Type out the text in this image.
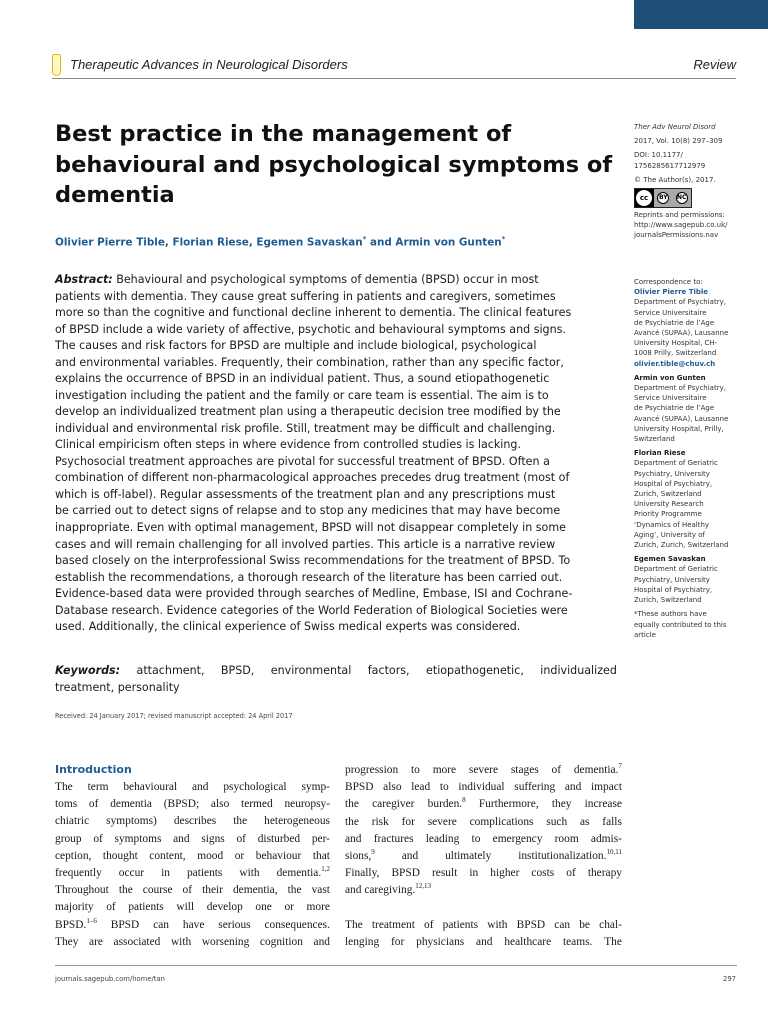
Therapeutic Advances in Neurological Disorders	Review
Best practice in the management of
behavioural and psychological symptoms of
dementia
Olivier Pierre Tible, Florian Riese, Egemen Savaskan* and Armin von Gunten*
Abstract: Behavioural and psychological symptoms of dementia (BPSD) occur in most
patients with dementia. They cause great suffering in patients and caregivers, sometimes
more so than the cognitive and functional decline inherent to dementia. The clinical features
of BPSD include a wide variety of affective, psychotic and behavioural symptoms and signs.
The causes and risk factors for BPSD are multiple and include biological, psychological
and environmental variables. Frequently, their combination, rather than any specific factor,
explains the occurrence of BPSD in an individual patient. Thus, a sound etiopathogenetic
investigation including the patient and the family or care team is essential. The aim is to
develop an individualized treatment plan using a therapeutic decision tree modified by the
individual and environmental risk profile. Still, treatment may be difficult and challenging.
Clinical empiricism often steps in where evidence from controlled studies is lacking.
Psychosocial treatment approaches are pivotal for successful treatment of BPSD. Often a
combination of different non-pharmacological approaches precedes drug treatment (most of
which is off-label). Regular assessments of the treatment plan and any prescriptions must
be carried out to detect signs of relapse and to stop any medicines that may have become
inappropriate. Even with optimal management, BPSD will not disappear completely in some
cases and will remain challenging for all involved parties. This article is a narrative review
based closely on the interprofessional Swiss recommendations for the treatment of BPSD. To
establish the recommendations, a thorough research of the literature has been carried out.
Evidence-based data were provided through searches of Medline, Embase, ISI and Cochrane-
Database research. Evidence categories of the World Federation of Biological Societies were
used. Additionally, the clinical experience of Swiss medical experts was considered.
Keywords: attachment, BPSD, environmental factors, etiopathogenetic, individualized
treatment, personality
Received: 24 January 2017; revised manuscript accepted: 24 April 2017
Introduction
The term behavioural and psychological symp-
toms of dementia (BPSD; also termed neuropsy-
chiatric symptoms) describes the heterogeneous
group of symptoms and signs of disturbed per-
ception, thought content, mood or behaviour that
frequently occur in patients with dementia.$^{1,2}$
Throughout the course of their dementia, the vast
majority of patients will develop one or more
BPSD.$^{1-6}$ BPSD can have serious consequences.
They are associated with worsening cognition and
progression to more severe stages of dementia.$^7$
BPSD also lead to individual suffering and impact
the caregiver burden.$^8$ Furthermore, they increase
the risk for severe complications such as falls
and fractures leading to emergency room admis-
sions,$^9$ and ultimately institutionalization.$^{10,11}$
Finally, BPSD result in higher costs of therapy
and
caregiving.$^{12,13}$
The treatment of patients with BPSD can be chal-
lenging for physicians and healthcare teams. The
Ther Adv Neurol Disord
2017, Vol. 10(8) 297–309
DOI: 10.1177/
1756285617712979
© The Author(s), 2017.
cc	BY NC
Reprints and permissions:
http://www.sagepub.co.uk/
journalsPermissions.nav
Correspondence to:
Olivier Pierre Tible
Department of Psychiatry,
Service Universitaire
de Psychiatrie de l’Age
Avancé (SUPAA), Lausanne
University Hospital, CH-
1008 Prilly, Switzerland
olivier.tible@chuv.ch
Armin von Gunten
Department of Psychiatry,
Service Universitaire
de Psychiatrie de l’Age
Avancé (SUPAA), Lausanne
University Hospital, Prilly,
Switzerland
Florian Riese
Department of Geriatric
Psychiatry, University
Hospital of Psychiatry,
Zurich, Switzerland
University Research
Priority Programme
‘Dynamics of Healthy
Aging’, University of
Zurich, Zurich, Switzerland
Egemen Savaskan
Department of Geriatric
Psychiatry, University
Hospital of Psychiatry,
Zurich, Switzerland
*These authors have
equally contributed to this
article
journals.sagepub.com/home/tan	297
